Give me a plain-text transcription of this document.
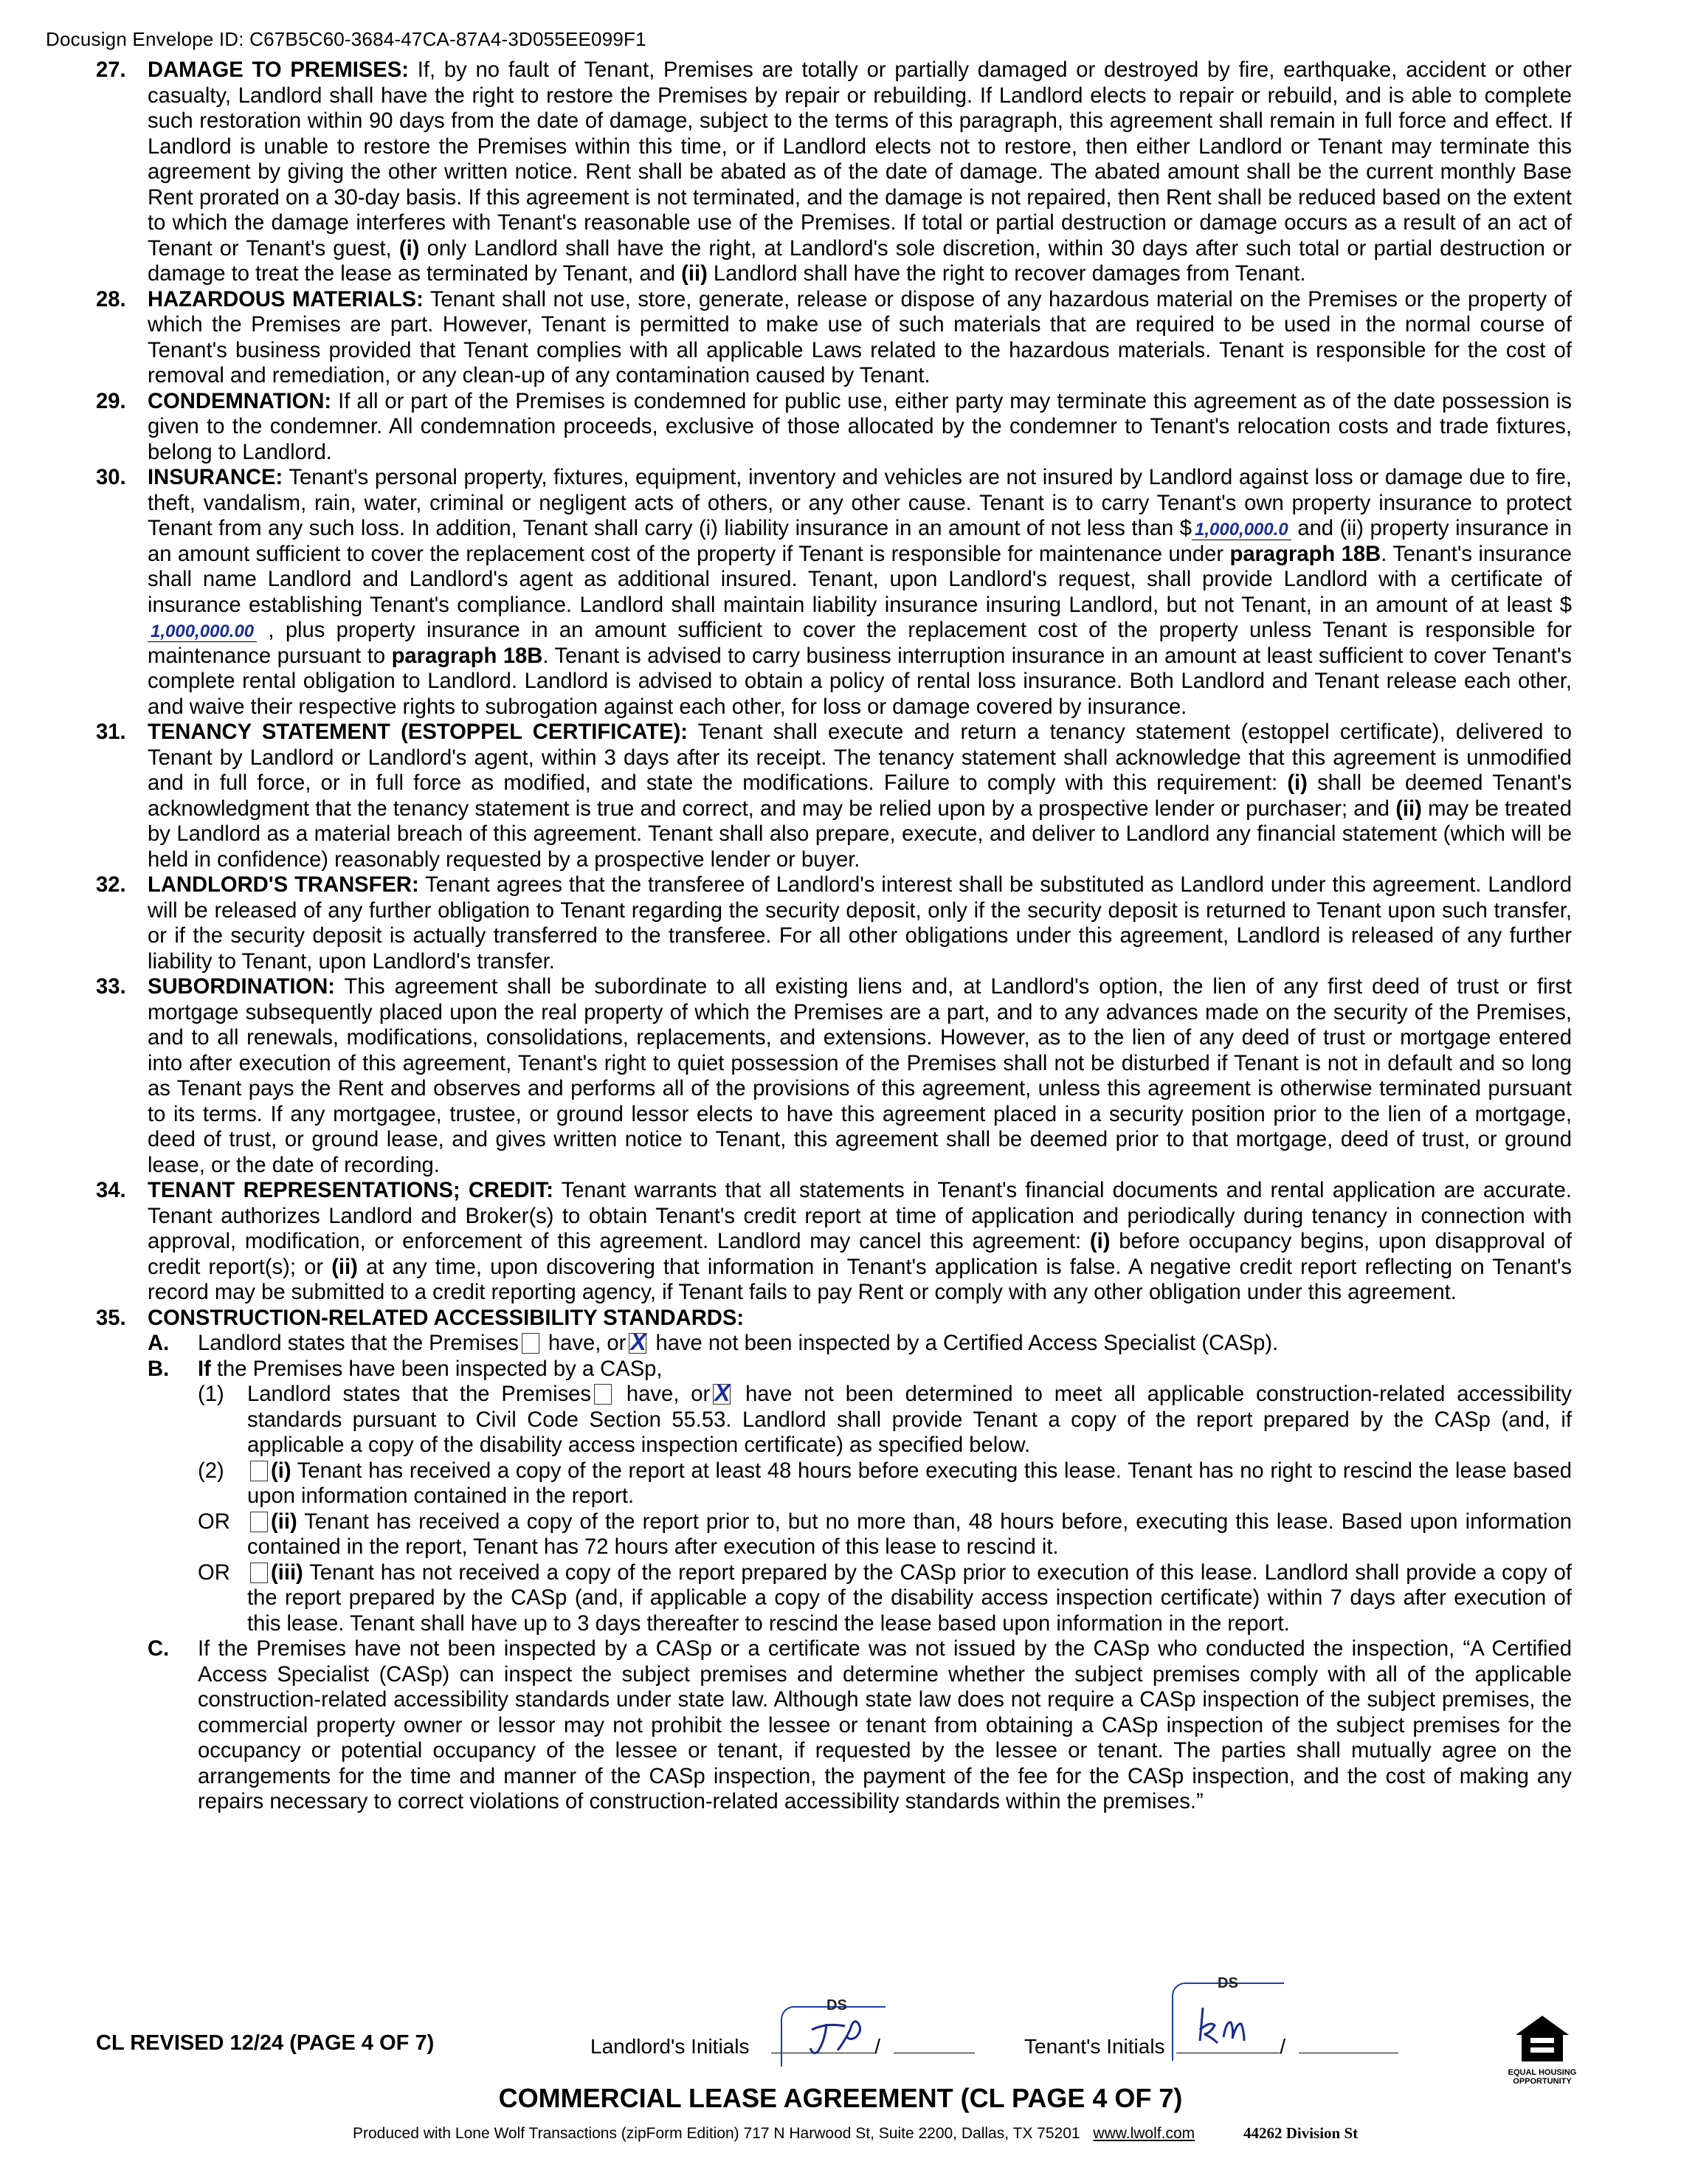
Docusign Envelope ID: C67B5C60-3684-47CA-87A4-3D055EE099F1
27. DAMAGE TO PREMISES: If, by no fault of Tenant, Premises are totally or partially damaged or destroyed by fire, earthquake, accident or other casualty, Landlord shall have the right to restore the Premises by repair or rebuilding. If Landlord elects to repair or rebuild, and is able to complete such restoration within 90 days from the date of damage, subject to the terms of this paragraph, this agreement shall remain in full force and effect. If Landlord is unable to restore the Premises within this time, or if Landlord elects not to restore, then either Landlord or Tenant may terminate this agreement by giving the other written notice. Rent shall be abated as of the date of damage. The abated amount shall be the current monthly Base Rent prorated on a 30-day basis. If this agreement is not terminated, and the damage is not repaired, then Rent shall be reduced based on the extent to which the damage interferes with Tenant's reasonable use of the Premises. If total or partial destruction or damage occurs as a result of an act of Tenant or Tenant's guest, (i) only Landlord shall have the right, at Landlord's sole discretion, within 30 days after such total or partial destruction or damage to treat the lease as terminated by Tenant, and (ii) Landlord shall have the right to recover damages from Tenant.
28. HAZARDOUS MATERIALS: Tenant shall not use, store, generate, release or dispose of any hazardous material on the Premises or the property of which the Premises are part. However, Tenant is permitted to make use of such materials that are required to be used in the normal course of Tenant's business provided that Tenant complies with all applicable Laws related to the hazardous materials. Tenant is responsible for the cost of removal and remediation, or any clean-up of any contamination caused by Tenant.
29. CONDEMNATION: If all or part of the Premises is condemned for public use, either party may terminate this agreement as of the date possession is given to the condemner. All condemnation proceeds, exclusive of those allocated by the condemner to Tenant's relocation costs and trade fixtures, belong to Landlord.
30. INSURANCE: Tenant's personal property, fixtures, equipment, inventory and vehicles are not insured by Landlord against loss or damage due to fire, theft, vandalism, rain, water, criminal or negligent acts of others, or any other cause. Tenant is to carry Tenant's own property insurance to protect Tenant from any such loss. In addition, Tenant shall carry (i) liability insurance in an amount of not less than $ 1,000,000.0 and (ii) property insurance in an amount sufficient to cover the replacement cost of the property if Tenant is responsible for maintenance under paragraph 18B. Tenant's insurance shall name Landlord and Landlord's agent as additional insured. Tenant, upon Landlord's request, shall provide Landlord with a certificate of insurance establishing Tenant's compliance. Landlord shall maintain liability insurance insuring Landlord, but not Tenant, in an amount of at least $1,000,000.00 , plus property insurance in an amount sufficient to cover the replacement cost of the property unless Tenant is responsible for maintenance pursuant to paragraph 18B. Tenant is advised to carry business interruption insurance in an amount at least sufficient to cover Tenant's complete rental obligation to Landlord. Landlord is advised to obtain a policy of rental loss insurance. Both Landlord and Tenant release each other, and waive their respective rights to subrogation against each other, for loss or damage covered by insurance.
31. TENANCY STATEMENT (ESTOPPEL CERTIFICATE): Tenant shall execute and return a tenancy statement (estoppel certificate), delivered to Tenant by Landlord or Landlord's agent, within 3 days after its receipt. The tenancy statement shall acknowledge that this agreement is unmodified and in full force, or in full force as modified, and state the modifications. Failure to comply with this requirement: (i) shall be deemed Tenant's acknowledgment that the tenancy statement is true and correct, and may be relied upon by a prospective lender or purchaser; and (ii) may be treated by Landlord as a material breach of this agreement. Tenant shall also prepare, execute, and deliver to Landlord any financial statement (which will be held in confidence) reasonably requested by a prospective lender or buyer.
32. LANDLORD'S TRANSFER: Tenant agrees that the transferee of Landlord's interest shall be substituted as Landlord under this agreement. Landlord will be released of any further obligation to Tenant regarding the security deposit, only if the security deposit is returned to Tenant upon such transfer, or if the security deposit is actually transferred to the transferee. For all other obligations under this agreement, Landlord is released of any further liability to Tenant, upon Landlord's transfer.
33. SUBORDINATION: This agreement shall be subordinate to all existing liens and, at Landlord's option, the lien of any first deed of trust or first mortgage subsequently placed upon the real property of which the Premises are a part, and to any advances made on the security of the Premises, and to all renewals, modifications, consolidations, replacements, and extensions. However, as to the lien of any deed of trust or mortgage entered into after execution of this agreement, Tenant's right to quiet possession of the Premises shall not be disturbed if Tenant is not in default and so long as Tenant pays the Rent and observes and performs all of the provisions of this agreement, unless this agreement is otherwise terminated pursuant to its terms. If any mortgagee, trustee, or ground lessor elects to have this agreement placed in a security position prior to the lien of a mortgage, deed of trust, or ground lease, and gives written notice to Tenant, this agreement shall be deemed prior to that mortgage, deed of trust, or ground lease, or the date of recording.
34. TENANT REPRESENTATIONS; CREDIT: Tenant warrants that all statements in Tenant's financial documents and rental application are accurate. Tenant authorizes Landlord and Broker(s) to obtain Tenant's credit report at time of application and periodically during tenancy in connection with approval, modification, or enforcement of this agreement. Landlord may cancel this agreement: (i) before occupancy begins, upon disapproval of credit report(s); or (ii) at any time, upon discovering that information in Tenant's application is false. A negative credit report reflecting on Tenant's record may be submitted to a credit reporting agency, if Tenant fails to pay Rent or comply with any other obligation under this agreement.
35. CONSTRUCTION-RELATED ACCESSIBILITY STANDARDS:
A. Landlord states that the Premises have, orX have not been inspected by a Certified Access Specialist (CASp).
B. If the Premises have been inspected by a CASp,
(1) Landlord states that the Premises have, orX have not been determined to meet all applicable construction-related accessibility standards pursuant to Civil Code Section 55.53. Landlord shall provide Tenant a copy of the report prepared by the CASp (and, if applicable a copy of the disability access inspection certificate) as specified below.
(2) (i) Tenant has received a copy of the report at least 48 hours before executing this lease. Tenant has no right to rescind the lease based upon information contained in the report.
OR (ii) Tenant has received a copy of the report prior to, but no more than, 48 hours before, executing this lease. Based upon information contained in the report, Tenant has 72 hours after execution of this lease to rescind it.
OR (iii) Tenant has not received a copy of the report prepared by the CASp prior to execution of this lease. Landlord shall provide a copy of the report prepared by the CASp (and, if applicable a copy of the disability access inspection certificate) within 7 days after execution of this lease. Tenant shall have up to 3 days thereafter to rescind the lease based upon information in the report.
C. If the Premises have not been inspected by a CASp or a certificate was not issued by the CASp who conducted the inspection, “A Certified Access Specialist (CASp) can inspect the subject premises and determine whether the subject premises comply with all of the applicable construction-related accessibility standards under state law. Although state law does not require a CASp inspection of the subject premises, the commercial property owner or lessor may not prohibit the lessee or tenant from obtaining a CASp inspection of the subject premises for the occupancy or potential occupancy of the lessee or tenant, if requested by the lessee or tenant. The parties shall mutually agree on the arrangements for the time and manner of the CASp inspection, the payment of the fee for the CASp inspection, and the cost of making any repairs necessary to correct violations of construction-related accessibility standards within the premises.”
CL REVISED 12/24 (PAGE 4 OF 7)	Landlord's Initials	/	Tenant's Initials	/
DS
DS
EQUAL HOUSING
OPPORTUNITY
COMMERCIAL LEASE AGREEMENT (CL PAGE 4 OF 7)
Produced with Lone Wolf Transactions (zipForm Edition) 717 N Harwood St, Suite 2200, Dallas, TX 75201 www.lwolf.com	44262 Division St
